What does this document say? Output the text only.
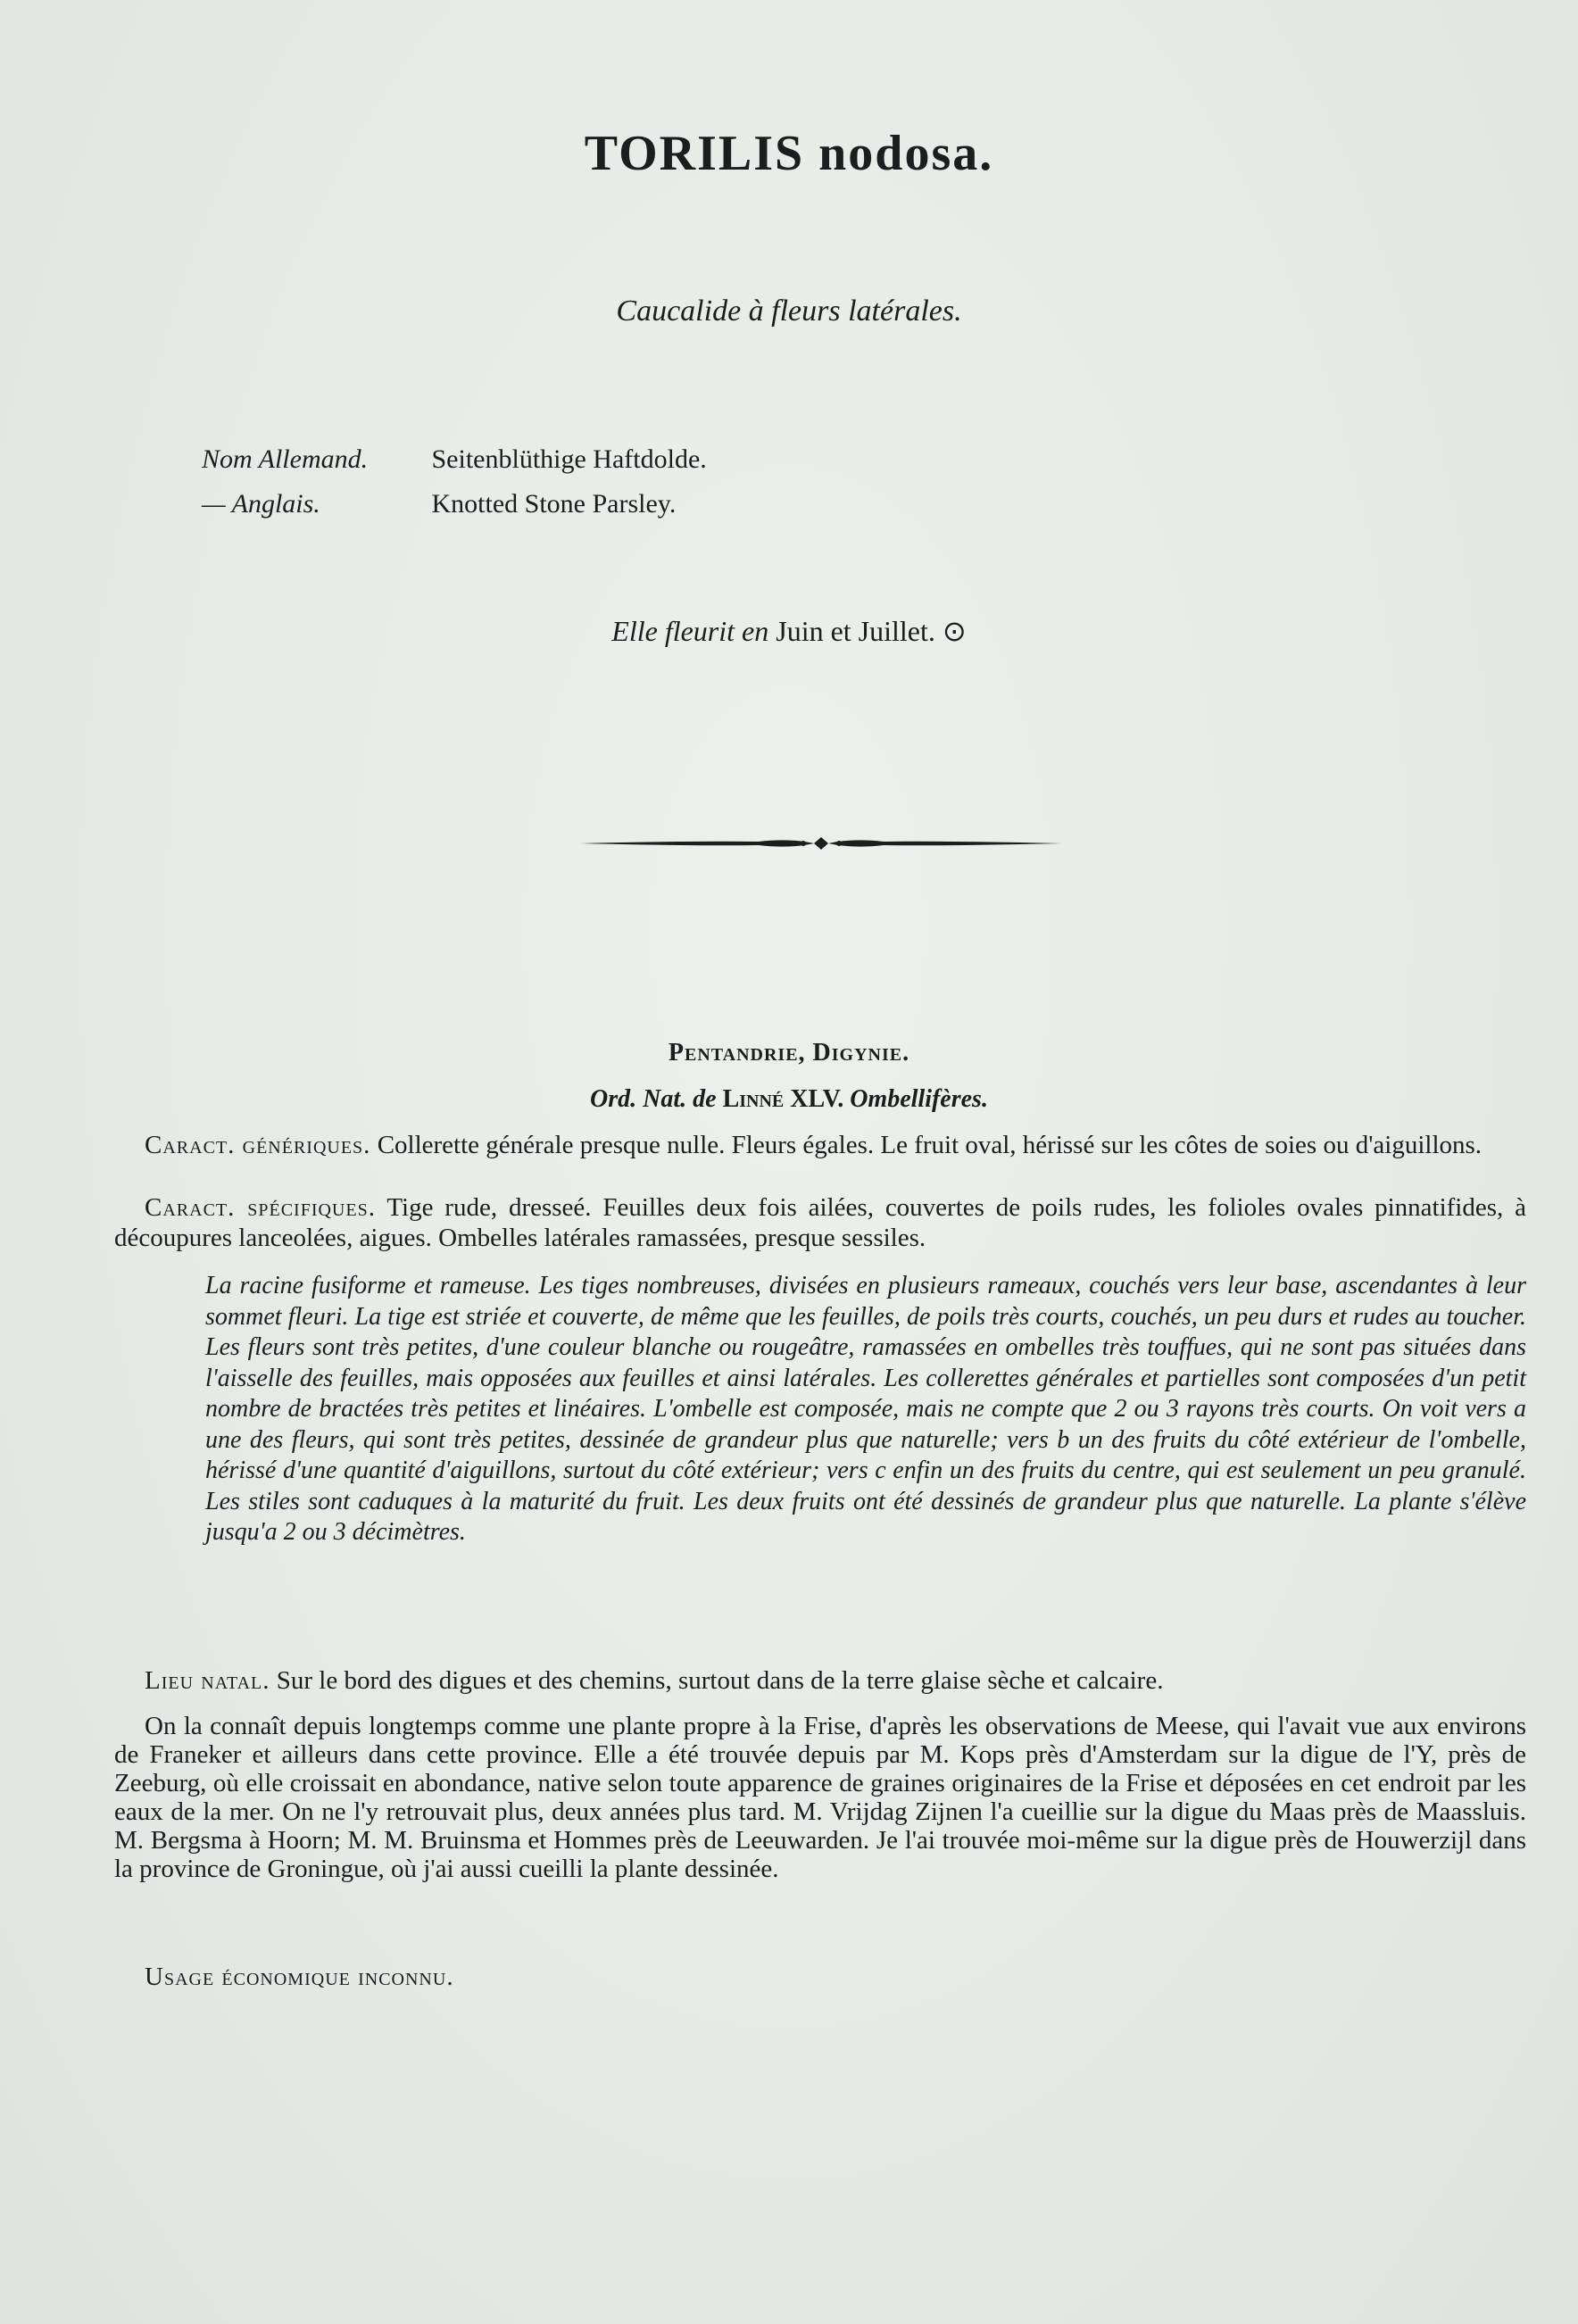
TORILIS nodosa.
Caucalide à fleurs latérales.
Nom Allemand. Seitenblüthige Haftdolde.
— Anglais.	Knotted Stone Parsley.
Elle fleurit en Juin et Juillet. ⊙
Pentandrie, Digynie.
Ord. Nat. de Linné XLV. Ombellifères.

Caract. génériques. Collerette générale presque nulle. Fleurs égales. Le fruit oval, hérissé sur les côtes de soies ou d'aiguillons.

Caract. spécifiques. Tige rude, dresseé. Feuilles deux fois ailées, couvertes de poils rudes, les folioles ovales pinnatifides, à découpures lanceolées, aigues. Ombelles latérales ramassées, presque sessiles.

La racine fusiforme et rameuse. Les tiges nombreuses, divisées en plusieurs rameaux, couchés vers leur base, ascendantes à leur sommet fleuri. La tige est striée et couverte, de même que les feuilles, de poils très courts, couchés, un peu durs et rudes au toucher. Les fleurs sont très petites, d'une couleur blanche ou rougeâtre, ramassées en ombelles très touffues, qui ne sont pas situées dans l'aisselle des feuilles, mais opposées aux feuilles et ainsi latérales. Les collerettes générales et partielles sont composées d'un petit nombre de bractées très petites et linéaires. L'ombelle est composée, mais ne compte que 2 ou 3 rayons très courts. On voit vers a une des fleurs, qui sont très petites, dessinée de grandeur plus que naturelle; vers b un des fruits du côté extérieur de l'ombelle, hérissé d'une quantité d'aiguillons, surtout du côté extérieur; vers c enfin un des fruits du centre, qui est seulement un peu granulé. Les stiles sont caduques à la maturité du fruit. Les deux fruits ont été dessinés de grandeur plus que naturelle. La plante s'élève jusqu'a 2 ou 3 décimètres.

Lieu natal. Sur le bord des digues et des chemins, surtout dans de la terre glaise sèche et calcaire.

On la connaît depuis longtemps comme une plante propre à la Frise, d'après les observations de Meese, qui l'avait vue aux environs de Franeker et ailleurs dans cette province. Elle a été trouvée depuis par M. Kops près d'Amsterdam sur la digue de l'Y, près de Zeeburg, où elle croissait en abondance, native selon toute apparence de graines originaires de la Frise et déposées en cet endroit par les eaux de la mer. On ne l'y retrouvait plus, deux années plus tard. M. Vrijdag Zijnen l'a cueillie sur la digue du Maas près de Maassluis. M. Bergsma à Hoorn; M. M. Bruinsma et Hommes près de Leeuwarden. Je l'ai trouvée moi-même sur la digue près de Houwerzijl dans la province de Groningue, où j'ai aussi cueilli la plante dessinée.

Usage économique inconnu.
